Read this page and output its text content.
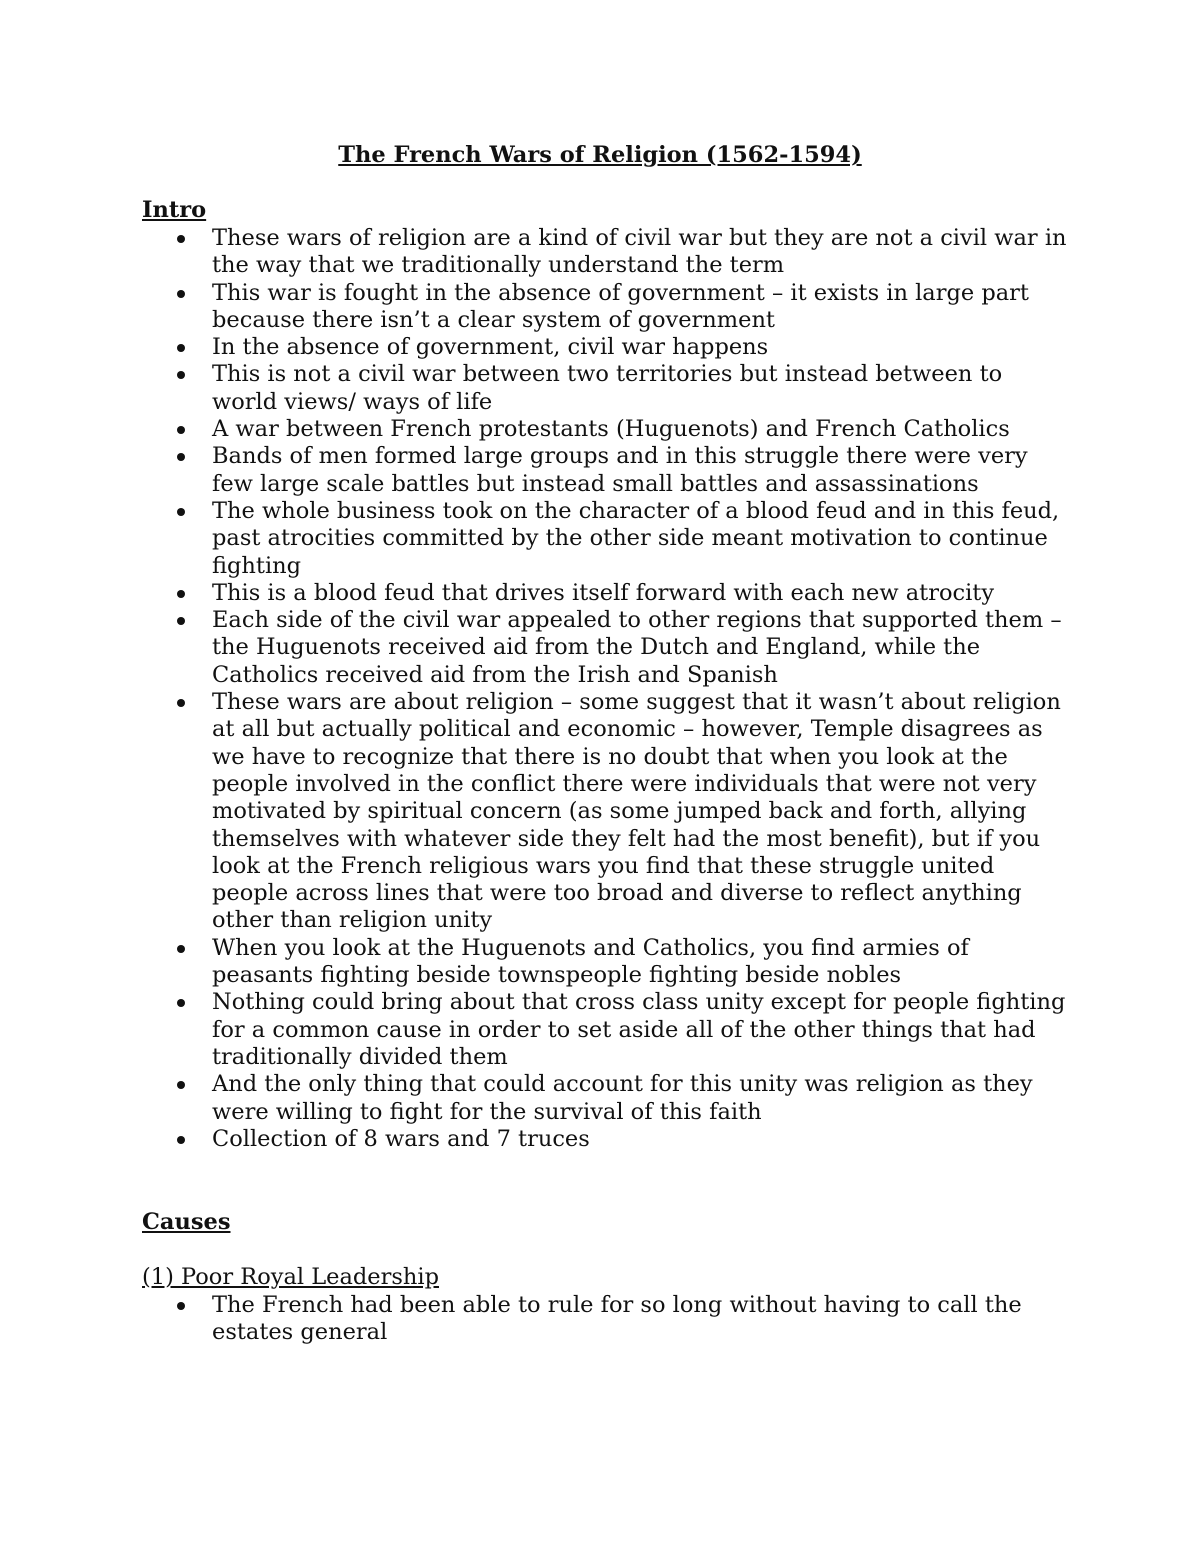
The French Wars of Religion (1562-1594)
Intro
These wars of religion are a kind of civil war but they are not a civil war in the way that we traditionally understand the term
This war is fought in the absence of government – it exists in large part because there isn’t a clear system of government
In the absence of government, civil war happens
This is not a civil war between two territories but instead between to world views/ ways of life
A war between French protestants (Huguenots) and French Catholics
Bands of men formed large groups and in this struggle there were very few large scale battles but instead small battles and assassinations
The whole business took on the character of a blood feud and in this feud, past atrocities committed by the other side meant motivation to continue fighting
This is a blood feud that drives itself forward with each new atrocity
Each side of the civil war appealed to other regions that supported them – the Huguenots received aid from the Dutch and England, while the Catholics received aid from the Irish and Spanish
These wars are about religion – some suggest that it wasn’t about religion at all but actually political and economic – however, Temple disagrees as we have to recognize that there is no doubt that when you look at the people involved in the conflict there were individuals that were not very motivated by spiritual concern (as some jumped back and forth, allying themselves with whatever side they felt had the most benefit), but if you look at the French religious wars you find that these struggle united people across lines that were too broad and diverse to reflect anything other than religion unity
When you look at the Huguenots and Catholics, you find armies of peasants fighting beside townspeople fighting beside nobles
Nothing could bring about that cross class unity except for people fighting for a common cause in order to set aside all of the other things that had traditionally divided them
And the only thing that could account for this unity was religion as they were willing to fight for the survival of this faith
Collection of 8 wars and 7 truces
Causes
(1) Poor Royal Leadership
The French had been able to rule for so long without having to call the estates general
